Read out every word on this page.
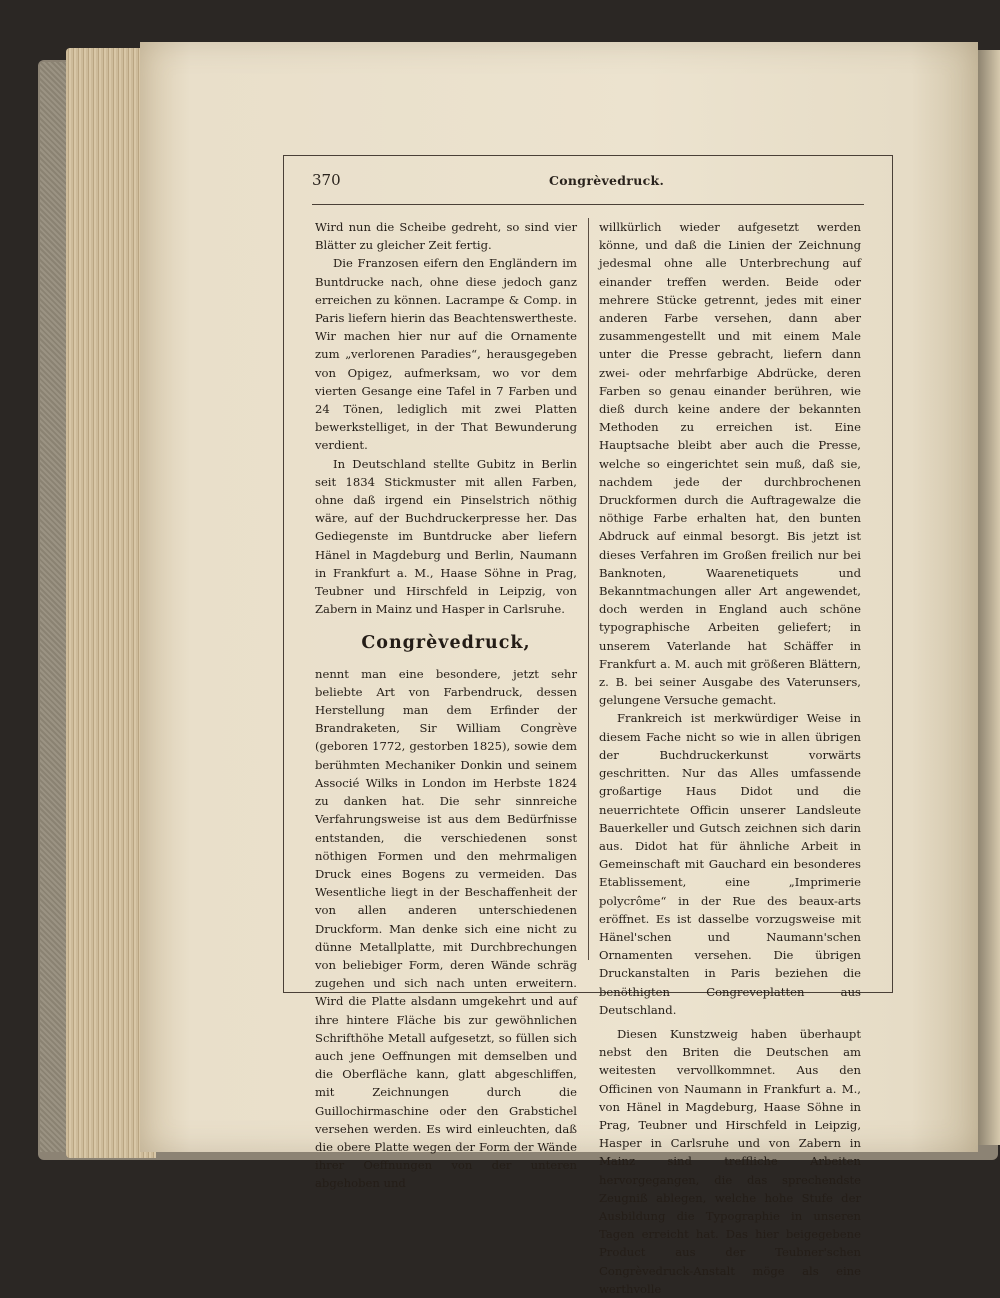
370	Congrèvedruck.

Wird nun die Scheibe gedreht, so sind vier Blätter zu gleicher Zeit fertig.

Die Franzosen eifern den Engländern im Buntdrucke nach, ohne diese jedoch ganz erreichen zu können. Lacrampe & Comp. in Paris liefern hierin das Beachtenswertheste. Wir machen hier nur auf die Ornamente zum „verlorenen Paradies“, herausgegeben von Opigez, aufmerksam, wo vor dem vierten Gesange eine Tafel in 7 Farben und 24 Tönen, lediglich mit zwei Platten bewerkstelliget, in der That Bewunderung verdient.

In Deutschland stellte Gubitz in Berlin seit 1834 Stickmuster mit allen Farben, ohne daß irgend ein Pinselstrich nöthig wäre, auf der Buchdruckerpresse her. Das Gediegenste im Buntdrucke aber liefern Hänel in Magdeburg und Berlin, Naumann in Frankfurt a. M., Haase Söhne in Prag, Teubner und Hirschfeld in Leipzig, von Zabern in Mainz und Hasper in Carlsruhe.

Congrèvedruck,

nennt man eine besondere, jetzt sehr beliebte Art von Farbendruck, dessen Herstellung man dem Erfinder der Brandraketen, Sir William Congrève (geboren 1772, gestorben 1825), sowie dem berühmten Mechaniker Donkin und seinem Associé Wilks in London im Herbste 1824 zu danken hat. Die sehr sinnreiche Verfahrungsweise ist aus dem Bedürfnisse entstanden, die verschiedenen sonst nöthigen Formen und den mehrmaligen Druck eines Bogens zu vermeiden. Das Wesentliche liegt in der Beschaffenheit der von allen anderen unterschiedenen Druckform. Man denke sich eine nicht zu dünne Metallplatte, mit Durchbrechungen von beliebiger Form, deren Wände schräg zugehen und sich nach unten erweitern. Wird die Platte alsdann umgekehrt und auf ihre hintere Fläche bis zur gewöhnlichen Schrifthöhe Metall aufgesetzt, so füllen sich auch jene Oeffnungen mit demselben und die Oberfläche kann, glatt abgeschliffen, mit Zeichnungen durch die Guillochirmaschine oder den Grabstichel versehen werden. Es wird einleuchten, daß die obere Platte wegen der Form der Wände ihrer Oeffnungen von der unteren abgehoben und

willkürlich wieder aufgesetzt werden könne, und daß die Linien der Zeichnung jedesmal ohne alle Unterbrechung auf einander treffen werden. Beide oder mehrere Stücke getrennt, jedes mit einer anderen Farbe versehen, dann aber zusammengestellt und mit einem Male unter die Presse gebracht, liefern dann zwei- oder mehrfarbige Abdrücke, deren Farben so genau einander berühren, wie dieß durch keine andere der bekannten Methoden zu erreichen ist. Eine Hauptsache bleibt aber auch die Presse, welche so eingerichtet sein muß, daß sie, nachdem jede der durchbrochenen Druckformen durch die Auftragewalze die nöthige Farbe erhalten hat, den bunten Abdruck auf einmal besorgt. Bis jetzt ist dieses Verfahren im Großen freilich nur bei Banknoten, Waarenetiquets und Bekanntmachungen aller Art angewendet, doch werden in England auch schöne typographische Arbeiten geliefert; in unserem Vaterlande hat Schäffer in Frankfurt a. M. auch mit größeren Blättern, z. B. bei seiner Ausgabe des Vaterunsers, gelungene Versuche gemacht.

Frankreich ist merkwürdiger Weise in diesem Fache nicht so wie in allen übrigen der Buchdruckerkunst vorwärts geschritten. Nur das Alles umfassende großartige Haus Didot und die neuerrichtete Officin unserer Landsleute Bauerkeller und Gutsch zeichnen sich darin aus. Didot hat für ähnliche Arbeit in Gemeinschaft mit Gauchard ein besonderes Etablissement, eine „Imprimerie polycrôme“ in der Rue des beaux-arts eröffnet. Es ist dasselbe vorzugsweise mit Hänel'schen und Naumann'schen Ornamenten versehen. Die übrigen Druckanstalten in Paris beziehen die benöthigten Congreveplatten aus Deutschland.

Diesen Kunstzweig haben überhaupt nebst den Briten die Deutschen am weitesten vervollkommnet. Aus den Officinen von Naumann in Frankfurt a. M., von Hänel in Magdeburg, Haase Söhne in Prag, Teubner und Hirschfeld in Leipzig, Hasper in Carlsruhe und von Zabern in Mainz sind treffliche Arbeiten hervorgegangen, die das sprechendste Zeugniß ablegen, welche hohe Stufe der Ausbildung die Typographie in unseren Tagen erreicht hat. Das hier beigegebene Product aus der Teubner'schen Congrèvedruck-Anstalt möge als eine werthvolle
